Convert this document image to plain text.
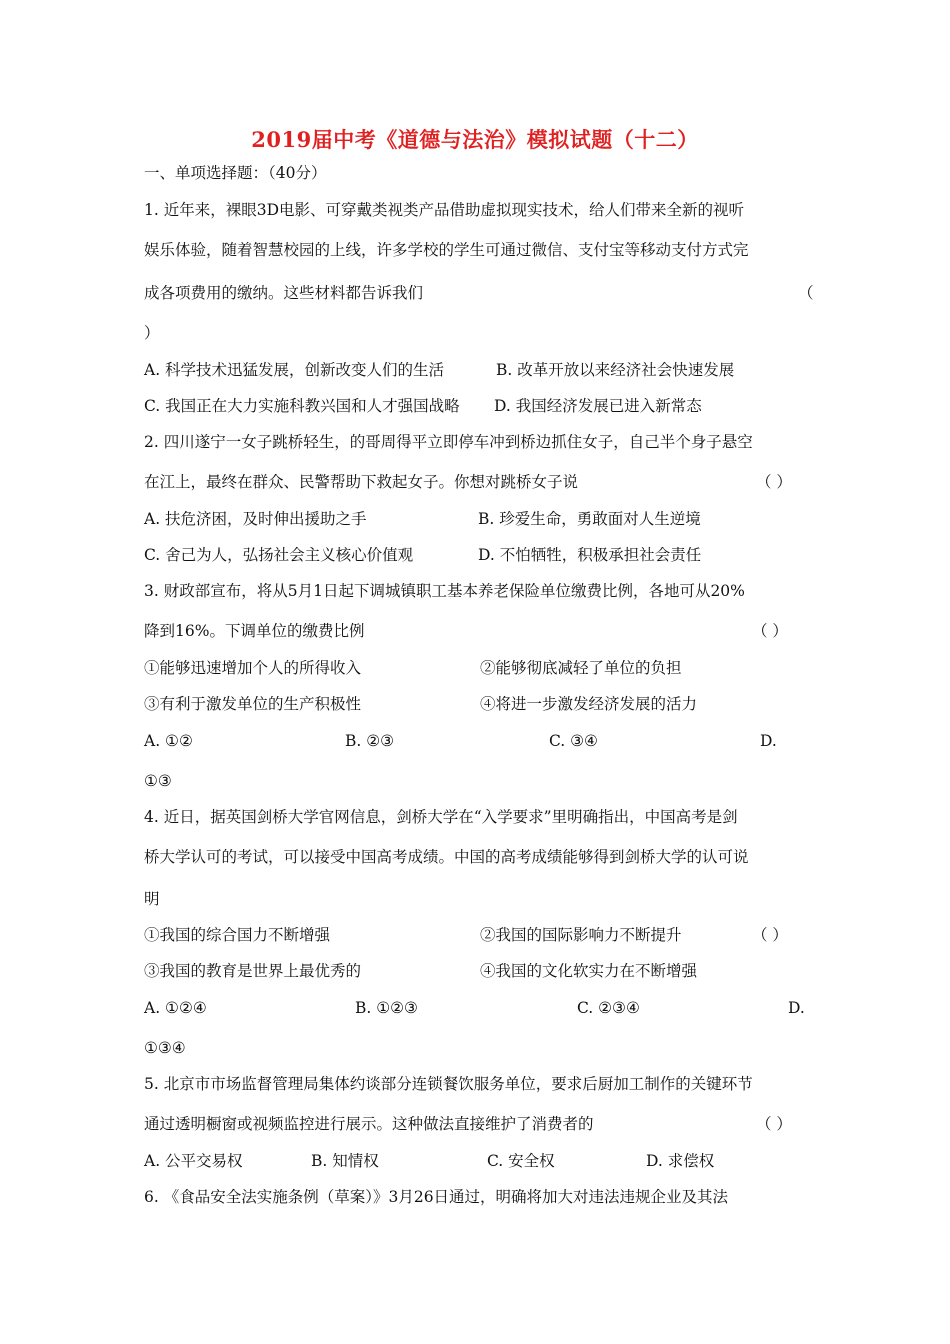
2019届中考《道德与法治》模拟试题（十二）
一、单项选择题：（40分）
1. 近年来，裸眼3D电影、可穿戴类视类产品借助虚拟现实技术，给人们带来全新的视听
娱乐体验，随着智慧校园的上线，许多学校的学生可通过微信、支付宝等移动支付方式完
成各项费用的缴纳。这些材料都告诉我们	（
）
A. 科学技术迅猛发展，创新改变人们的生活	B. 改革开放以来经济社会快速发展
C. 我国正在大力实施科教兴国和人才强国战略 D. 我国经济发展已进入新常态
2. 四川遂宁一女子跳桥轻生，的哥周得平立即停车冲到桥边抓住女子，自己半个身子悬空
在江上，最终在群众、民警帮助下救起女子。你想对跳桥女子说	（ ）
A. 扶危济困，及时伸出援助之手	B. 珍爱生命，勇敢面对人生逆境
C. 舍己为人，弘扬社会主义核心价值观	D. 不怕牺牲，积极承担社会责任
3. 财政部宣布，将从5月1日起下调城镇职工基本养老保险单位缴费比例，各地可从20%
降到16%。下调单位的缴费比例	（ ）
①能够迅速增加个人的所得收入	②能够彻底减轻了单位的负担
③有利于激发单位的生产积极性	④将进一步激发经济发展的活力
A. ①②	B. ②③	C. ③④	D.
①③
4. 近日，据英国剑桥大学官网信息，剑桥大学在“入学要求”里明确指出，中国高考是剑
桥大学认可的考试，可以接受中国高考成绩。中国的高考成绩能够得到剑桥大学的认可说
明
①我国的综合国力不断增强	②我国的国际影响力不断提升	（ ）
③我国的教育是世界上最优秀的	④我国的文化软实力在不断增强
A. ①②④	B. ①②③	C. ②③④	D.
①③④
5. 北京市市场监督管理局集体约谈部分连锁餐饮服务单位，要求后厨加工制作的关键环节
通过透明橱窗或视频监控进行展示。这种做法直接维护了消费者的	（ ）
A. 公平交易权	B. 知情权	C. 安全权	D. 求偿权
6. 《食品安全法实施条例（草案）》3月26日通过，明确将加大对违法违规企业及其法
